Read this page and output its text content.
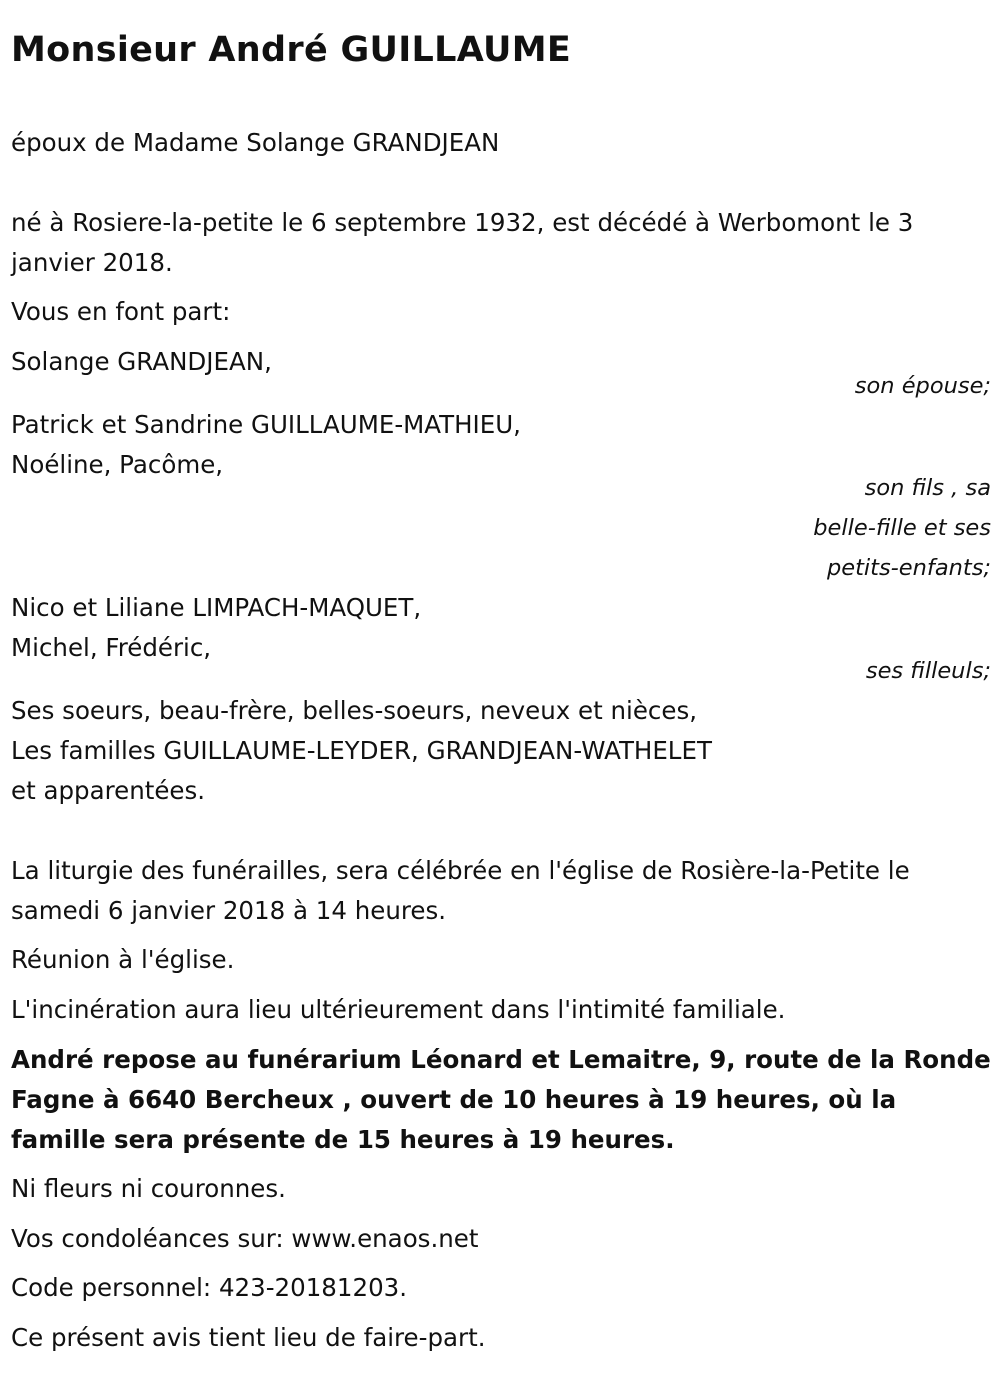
Monsieur André GUILLAUME
époux de Madame Solange GRANDJEAN
né à Rosiere-la-petite le 6 septembre 1932, est décédé à Werbomont le 3 janvier 2018.
Vous en font part:
Solange GRANDJEAN,
son épouse;
Patrick et Sandrine GUILLAUME-MATHIEU,
Noéline, Pacôme,
son fils , sa
belle-fille et ses
petits-enfants;
Nico et Liliane LIMPACH-MAQUET,
Michel, Frédéric,
ses filleuls;
Ses soeurs, beau-frère, belles-soeurs, neveux et nièces,
Les familles GUILLAUME-LEYDER, GRANDJEAN-WATHELET
et apparentées.
La liturgie des funérailles, sera célébrée en l'église de Rosière-la-Petite le samedi 6 janvier 2018 à 14 heures.
Réunion à l'église.
L'incinération aura lieu ultérieurement dans l'intimité familiale.
André repose au funérarium Léonard et Lemaitre, 9, route de la Ronde Fagne à 6640 Bercheux , ouvert de 10 heures à 19 heures, où la famille sera présente de 15 heures à 19 heures.
Ni fleurs ni couronnes.
Vos condoléances sur: www.enaos.net
Code personnel: 423-20181203.
Ce présent avis tient lieu de faire-part.
